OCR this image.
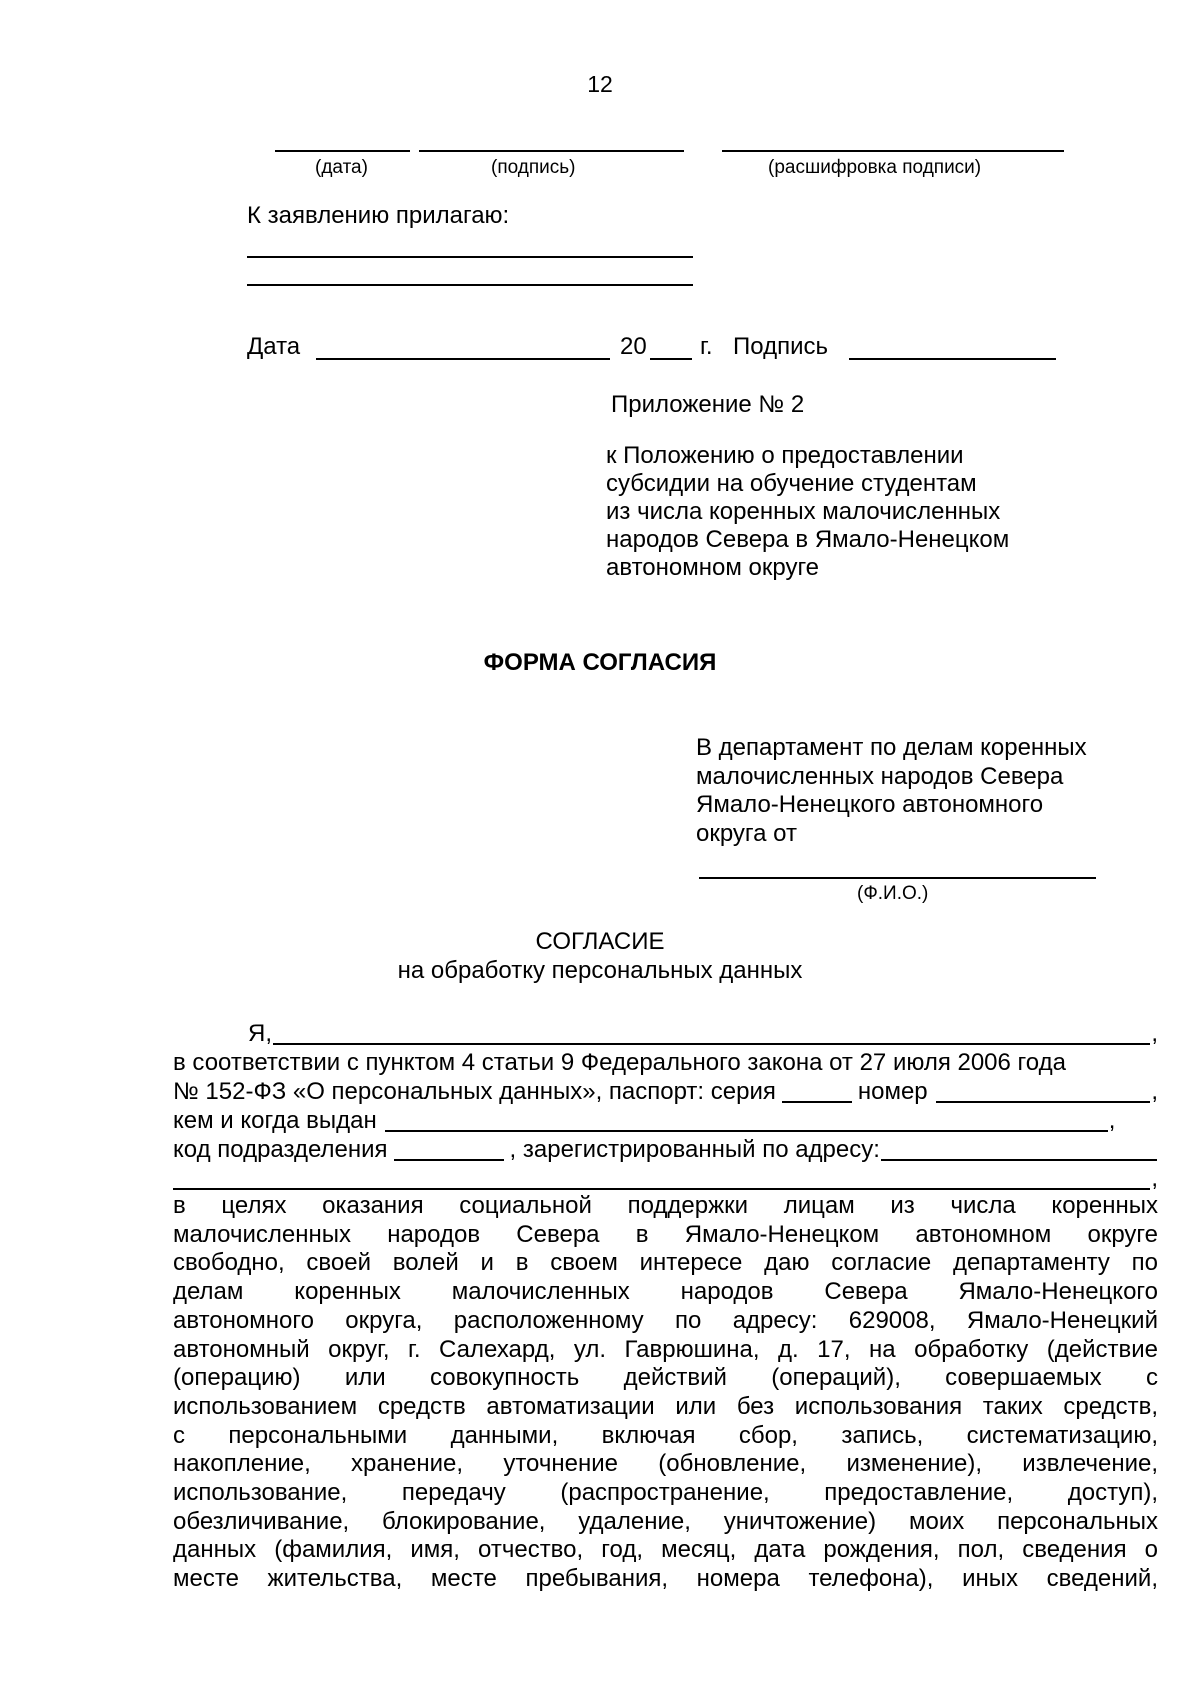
12
(дата)	(подпись)	(расшифровка подписи)
К заявлению прилагаю:
Дата	20 г. Подпись
Приложение № 2
к Положению о предоставлении
субсидии на обучение студентам
из числа коренных малочисленных
народов Севера в Ямало-Ненецком
автономном округе
ФОРМА СОГЛАСИЯ
В департамент по делам коренных
малочисленных народов Севера
Ямало-Ненецкого автономного
округа от
(Ф.И.О.)
СОГЛАСИЕ
на обработку персональных данных
Я,	,
в соответствии с пунктом 4 статьи 9 Федерального закона от 27 июля 2006 года
№ 152-ФЗ «О персональных данных», паспорт: серия	номер	,
кем и когда выдан	,
код подразделения	, зарегистрированный по адресу:
,
в целях оказания социальной поддержки лицам из числа коренных
малочисленных народов Севера в Ямало-Ненецком автономном округе
свободно, своей волей и в своем интересе даю согласие департаменту по
делам коренных малочисленных народов Севера Ямало-Ненецкого
автономного округа, расположенному по адресу: 629008, Ямало-Ненецкий
автономный округ, г. Салехард, ул. Гаврюшина, д. 17, на обработку (действие
(операцию) или совокупность действий (операций), совершаемых с
использованием средств автоматизации или без использования таких средств,
с персональными данными, включая сбор, запись, систематизацию,
накопление, хранение, уточнение (обновление, изменение), извлечение,
использование, передачу (распространение, предоставление, доступ),
обезличивание, блокирование, удаление, уничтожение) моих персональных
данных (фамилия, имя, отчество, год, месяц, дата рождения, пол, сведения о
месте жительства, месте пребывания, номера телефона), иных сведений,
